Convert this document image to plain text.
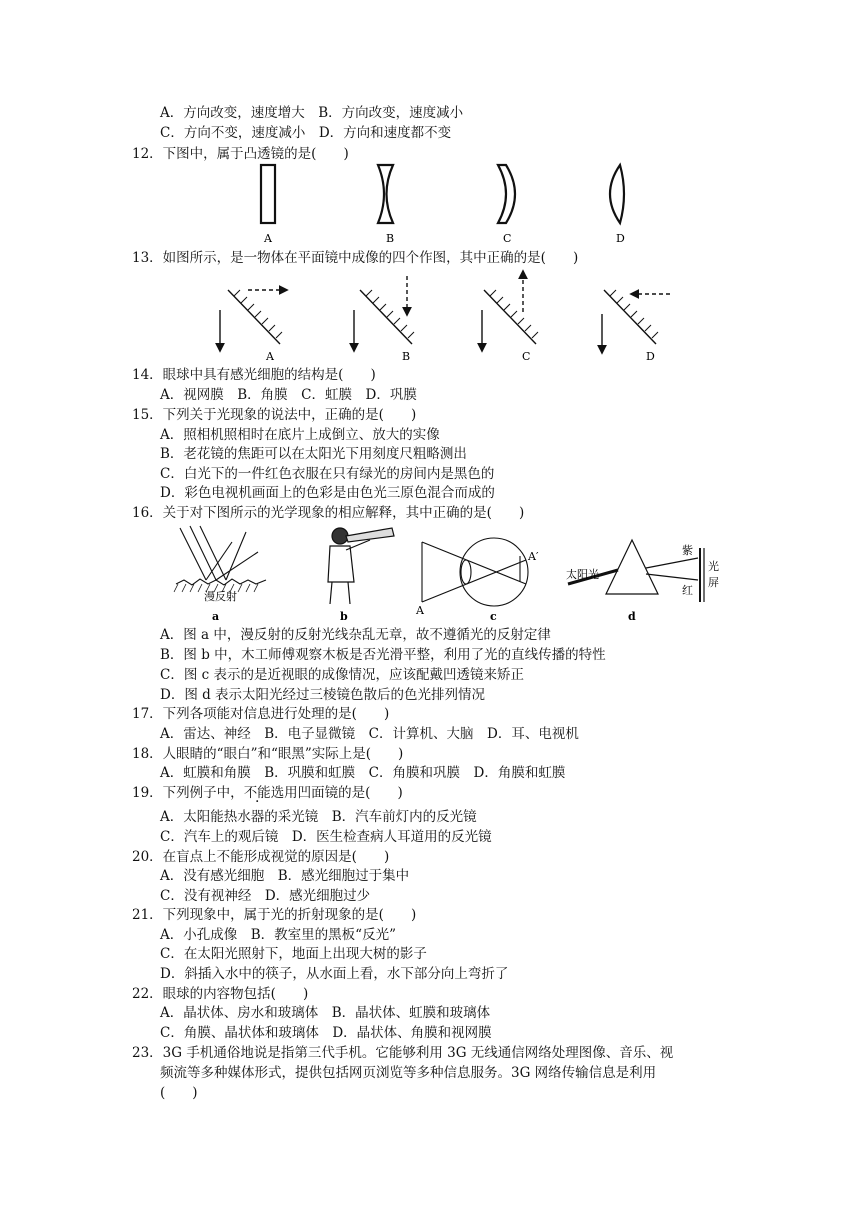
A．方向改变，速度增大　B．方向改变，速度减小
C．方向不变，速度减小　D．方向和速度都不变
12．下图中，属于凸透镜的是(　　)
A	B	C	D
13．如图所示，是一物体在平面镜中成像的四个作图，其中正确的是(　　)
A	B	C	D
14．眼球中具有感光细胞的结构是(　　)
A．视网膜　B．角膜　C．虹膜　D．巩膜
15．下列关于光现象的说法中，正确的是(　　)
A．照相机照相时在底片上成倒立、放大的实像
B．老花镜的焦距可以在太阳光下用刻度尺粗略测出
C．白光下的一件红色衣服在只有绿光的房间内是黑色的
D．彩色电视机画面上的色彩是由色光三原色混合而成的
16．关于对下图所示的光学现象的相应解释，其中正确的是(　　)
漫反射
a	b	A
A′
c
太阳光
紫
红
光
屏
d
A．图 a 中，漫反射的反射光线杂乱无章，故不遵循光的反射定律
B．图 b 中，木工师傅观察木板是否光滑平整，利用了光的直线传播的特性
C．图 c 表示的是近视眼的成像情况，应该配戴凹透镜来矫正
D．图 d 表示太阳光经过三棱镜色散后的色光排列情况
17．下列各项能对信息进行处理的是(　　)
A．雷达、神经　B．电子显微镜　C．计算机、大脑　D．耳、电视机
18．人眼睛的“眼白”和“眼黑”实际上是(　　)
A．虹膜和角膜　B．巩膜和虹膜　C．角膜和巩膜　D．角膜和虹膜
19．下列例子中，不能选用凹面镜的是(　　)
A．太阳能热水器的采光镜　B．汽车前灯内的反光镜
C．汽车上的观后镜　D．医生检查病人耳道用的反光镜
20．在盲点上不能形成视觉的原因是(　　)
A．没有感光细胞　B．感光细胞过于集中
C．没有视神经　D．感光细胞过少
21．下列现象中，属于光的折射现象的是(　　)
A．小孔成像　B．教室里的黑板“反光”
C．在太阳光照射下，地面上出现大树的影子
D．斜插入水中的筷子，从水面上看，水下部分向上弯折了
22．眼球的内容物包括(　　)
A．晶状体、房水和玻璃体　B．晶状体、虹膜和玻璃体
C．角膜、晶状体和玻璃体　D．晶状体、角膜和视网膜
23．3G 手机通俗地说是指第三代手机。它能够利用 3G 无线通信网络处理图像、音乐、视
频流等多种媒体形式，提供包括网页浏览等多种信息服务。3G 网络传输信息是利用
(　　)
